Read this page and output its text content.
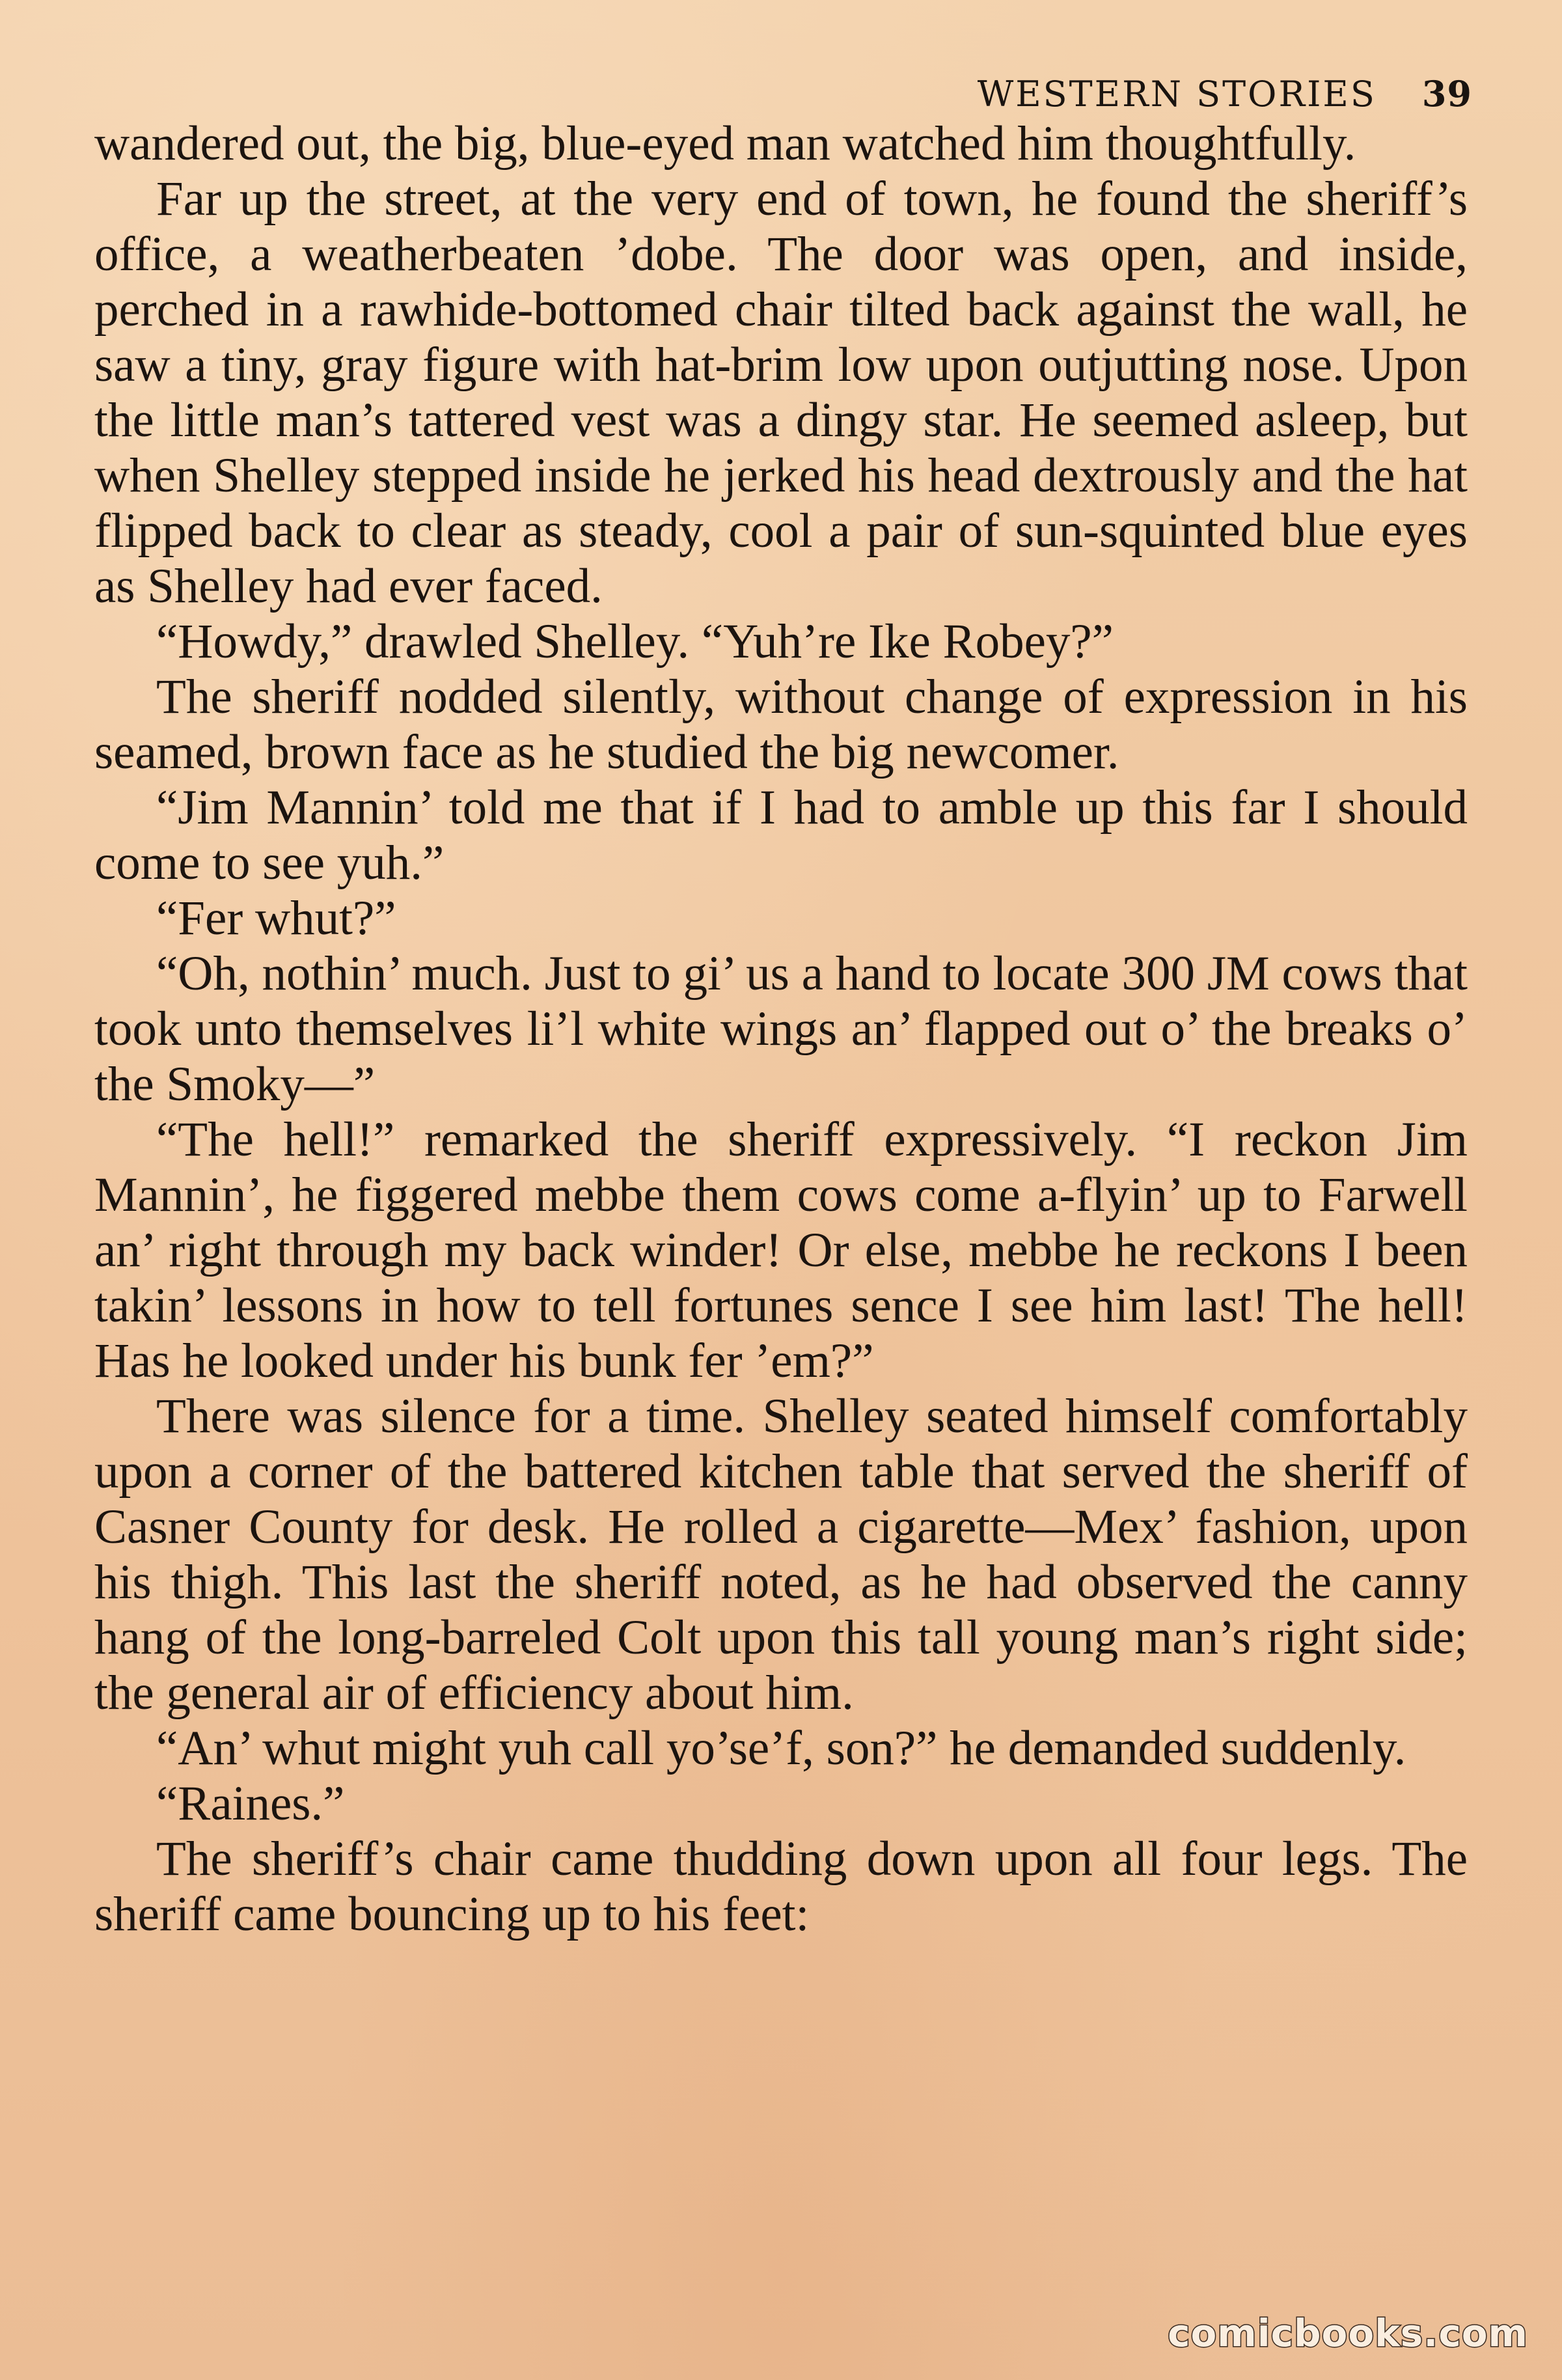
WESTERN STORIES 39

wandered out, the big, blue-eyed man watched him thoughtfully.

Far up the street, at the very end of town, he found the sheriff’s office, a weatherbeaten ’dobe. The door was open, and inside, perched in a rawhide-bottomed chair tilted back against the wall, he saw a tiny, gray figure with hat-brim low upon outjutting nose. Upon the little man’s tattered vest was a dingy star. He seemed asleep, but when Shelley stepped inside he jerked his head dextrously and the hat flipped back to clear as steady, cool a pair of sun-squinted blue eyes as Shelley had ever faced.

“Howdy,” drawled Shelley. “Yuh’re Ike Robey?”

The sheriff nodded silently, without change of expression in his seamed, brown face as he studied the big newcomer.

“Jim Mannin’ told me that if I had to amble up this far I should come to see yuh.”

“Fer whut?”

“Oh, nothin’ much. Just to gi’ us a hand to locate 300 JM cows that took unto themselves li’l white wings an’ flapped out o’ the breaks o’ the Smoky—”

“The hell!” remarked the sheriff expressively. “I reckon Jim Mannin’, he figgered mebbe them cows come a-flyin’ up to Farwell an’ right through my back winder! Or else, mebbe he reckons I been takin’ lessons in how to tell fortunes sence I see him last! The hell! Has he looked under his bunk fer ’em?”

There was silence for a time. Shelley seated himself comfortably upon a corner of the battered kitchen table that served the sheriff of Casner County for desk. He rolled a cigarette—Mex’ fashion, upon his thigh. This last the sheriff noted, as he had observed the canny hang of the long-barreled Colt upon this tall young man’s right side; the general air of efficiency about him.

“An’ whut might yuh call yo’se’f, son?” he demanded suddenly.

“Raines.”

The sheriff’s chair came thudding down upon all four legs. The sheriff came bouncing up to his feet:

comicbooks.com
